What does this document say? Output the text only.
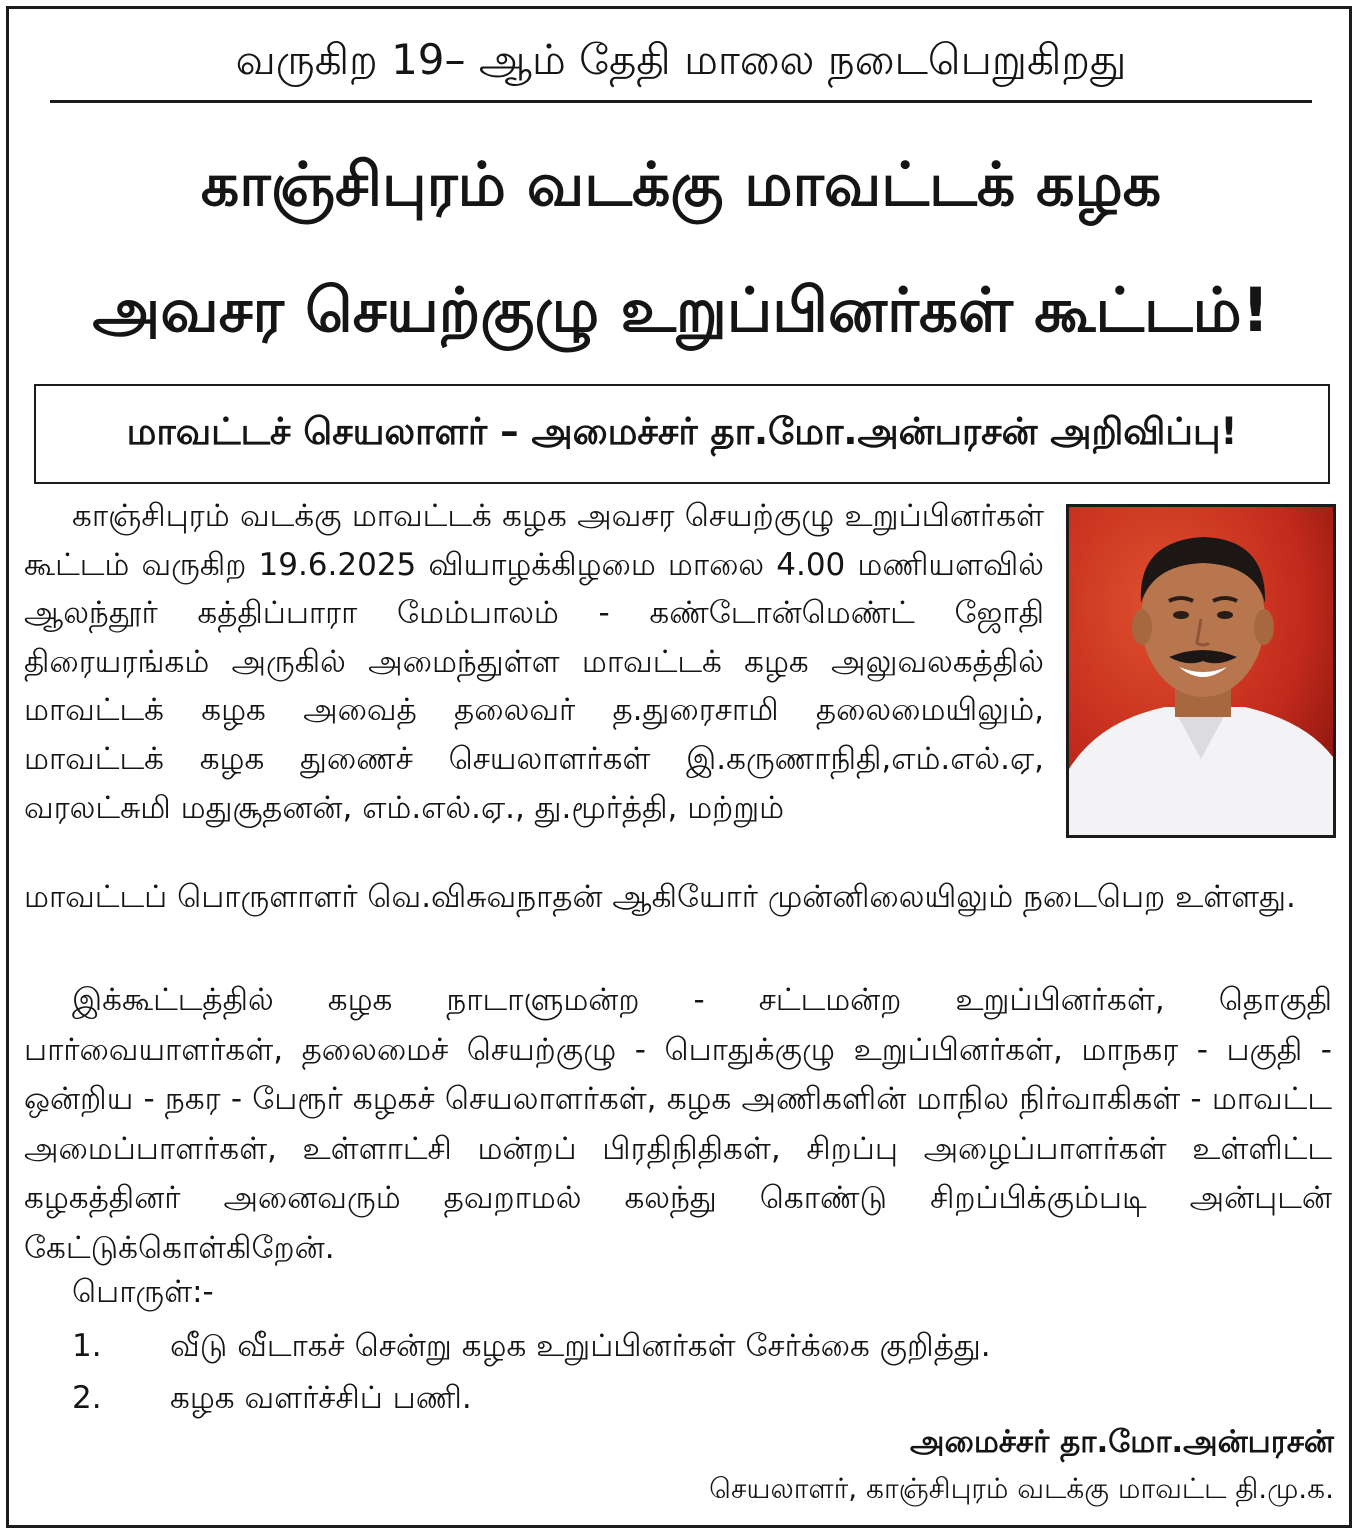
வருகிற 19– ஆம் தேதி மாலை நடைபெறுகிறது
காஞ்சிபுரம் வடக்கு மாவட்டக் கழக
அவசர செயற்குழு உறுப்பினர்கள் கூட்டம்!
மாவட்டச் செயலாளர் – அமைச்சர் தா.மோ.அன்பரசன் அறிவிப்பு!

காஞ்சிபுரம் வடக்கு மாவட்டக் கழக அவசர செயற்குழு உறுப்பினர்கள் கூட்டம் வருகிற 19.6.2025 வியாழக்கிழமை மாலை 4.00 மணியளவில் ஆலந்தூர் கத்திப்பாரா மேம்பாலம் - கண்டோன்மெண்ட் ஜோதி திரையரங்கம் அருகில் அமைந்துள்ள மாவட்டக் கழக அலுவலகத்தில் மாவட்டக் கழக அவைத் தலைவர் த.துரைசாமி தலைமையிலும், மாவட்டக் கழக துணைச் செயலாளர்கள் இ.கருணாநிதி,எம்.எல்.ஏ, வரலட்சுமி மதுசூதனன், எம்.எல்.ஏ., து.மூர்த்தி, மற்றும்

மாவட்டப் பொருளாளர் வெ.விசுவநாதன் ஆகியோர் முன்னிலையிலும் நடைபெற உள்ளது.

இக்கூட்டத்தில் கழக நாடாளுமன்ற - சட்டமன்ற உறுப்பினர்கள், தொகுதி பார்வையாளர்கள், தலைமைச் செயற்குழு - பொதுக்குழு உறுப்பினர்கள், மாநகர - பகுதி - ஒன்றிய - நகர - பேரூர் கழகச் செயலாளர்கள், கழக அணிகளின் மாநில நிர்வாகிகள் - மாவட்ட அமைப்பாளர்கள், உள்ளாட்சி மன்றப் பிரதிநிதிகள், சிறப்பு அழைப்பாளர்கள் உள்ளிட்ட கழகத்தினர் அனைவரும் தவறாமல் கலந்து கொண்டு சிறப்பிக்கும்படி அன்புடன் கேட்டுக்கொள்கிறேன்.

பொருள்:-
1. வீடு வீடாகச் சென்று கழக உறுப்பினர்கள் சேர்க்கை குறித்து.
2. கழக வளர்ச்சிப் பணி.
அமைச்சர் தா.மோ.அன்பரசன்
செயலாளர், காஞ்சிபுரம் வடக்கு மாவட்ட தி.மு.க.
